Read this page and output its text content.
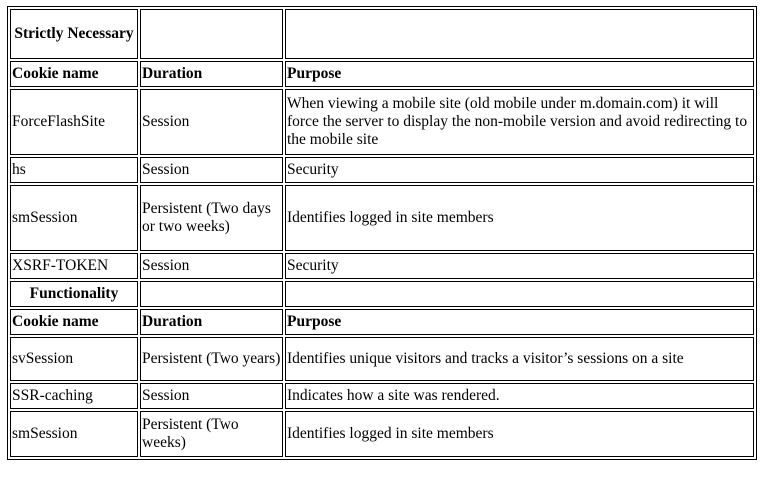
Strictly Necessary		
Cookie name	Duration	Purpose
ForceFlashSite	Session	When viewing a mobile site (old mobile under m.domain.com) it will force the server to display the non-mobile version and avoid redirecting to the mobile site
hs	Session	Security
smSession	Persistent (Two days or two weeks)	Identifies logged in site members
XSRF-TOKEN	Session	Security
Functionality		
Cookie name	Duration	Purpose
svSession	Persistent (Two years)	Identifies unique visitors and tracks a visitor’s sessions on a site
SSR-caching	Session	Indicates how a site was rendered.
smSession	Persistent (Two weeks)	Identifies logged in site members
